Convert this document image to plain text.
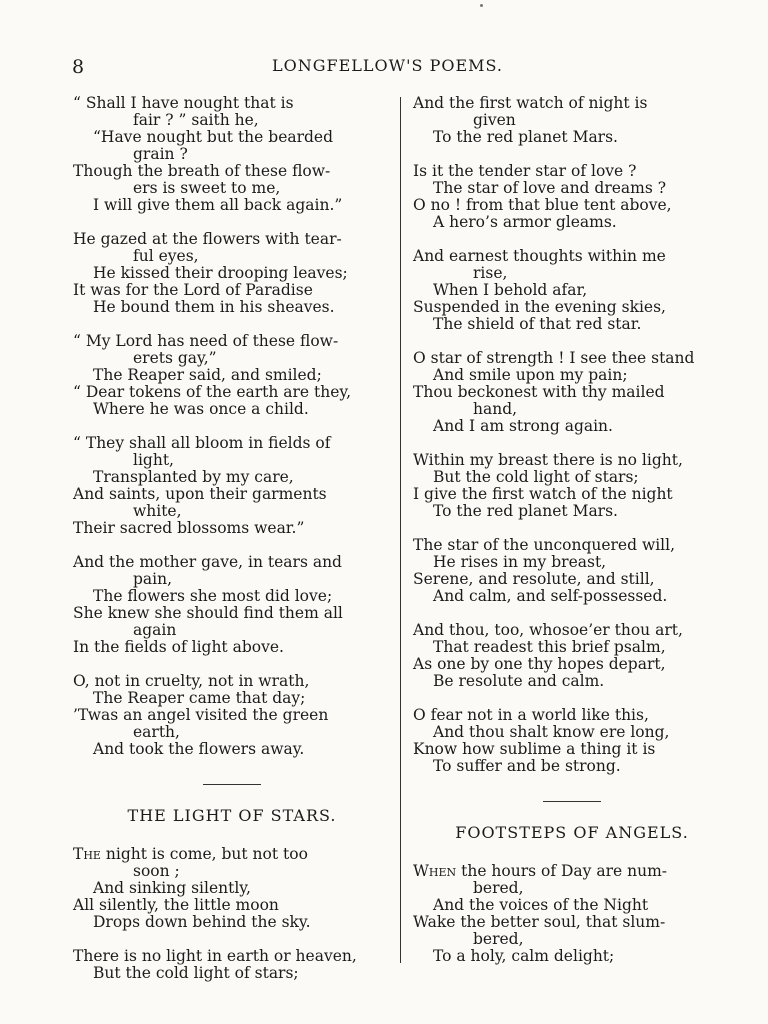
8	LONGFELLOW'S POEMS.
“ Shall I have nought that is
fair ? ” saith he,
“Have nought but the bearded
grain ?
Though the breath of these flow-
ers is sweet to me,
I will give them all back again.”
He gazed at the flowers with tear-
ful eyes,
He kissed their drooping leaves;
It was for the Lord of Paradise
He bound them in his sheaves.
“ My Lord has need of these flow-
erets gay,”
The Reaper said, and smiled;
“ Dear tokens of the earth are they,
Where he was once a child.
“ They shall all bloom in fields of
light,
Transplanted by my care,
And saints, upon their garments
white,
Their sacred blossoms wear.”
And the mother gave, in tears and
pain,
The flowers she most did love;
She knew she should find them all
again
In the fields of light above.
O, not in cruelty, not in wrath,
The Reaper came that day;
’Twas an angel visited the green
earth,
And took the flowers away.
THE LIGHT OF STARS.
The night is come, but not too
soon ;
And sinking silently,
All silently, the little moon
Drops down behind the sky.
There is no light in earth or heaven,
But the cold light of stars;
And the first watch of night is
given
To the red planet Mars.
Is it the tender star of love ?
The star of love and dreams ?
O no ! from that blue tent above,
A hero’s armor gleams.
And earnest thoughts within me
rise,
When I behold afar,
Suspended in the evening skies,
The shield of that red star.
O star of strength ! I see thee stand
And smile upon my pain;
Thou beckonest with thy mailed
hand,
And I am strong again.
Within my breast there is no light,
But the cold light of stars;
I give the first watch of the night
To the red planet Mars.
The star of the unconquered will,
He rises in my breast,
Serene, and resolute, and still,
And calm, and self-possessed.
And thou, too, whosoe’er thou art,
That readest this brief psalm,
As one by one thy hopes depart,
Be resolute and calm.
O fear not in a world like this,
And thou shalt know ere long,
Know how sublime a thing it is
To suffer and be strong.
FOOTSTEPS OF ANGELS.
When the hours of Day are num-
bered,
And the voices of the Night
Wake the better soul, that slum-
bered,
To a holy, calm delight;
